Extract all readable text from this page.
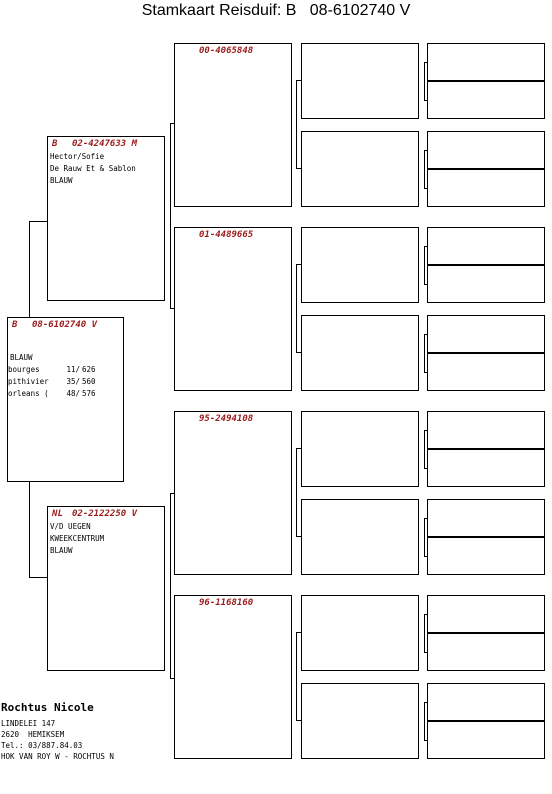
Stamkaart Reisduif: B   08-6102740 V
B 08-6102740 V
BLAUW
bourges	11/	626
pithivier	35/	560
orleans (	48/	576
B 02-4247633 M
Hector/Sofie
De Rauw Et & Sablon
BLAUW
NL 02-2122250 V
V/D UEGEN
KWEEKCENTRUM
BLAUW
00-4065848
01-4489665
95-2494108
96-1168160
Rochtus Nicole
LINDELEI 147
2620  HEMIKSEM
Tel.: 03/887.84.03
HOK VAN ROY W - ROCHTUS N
